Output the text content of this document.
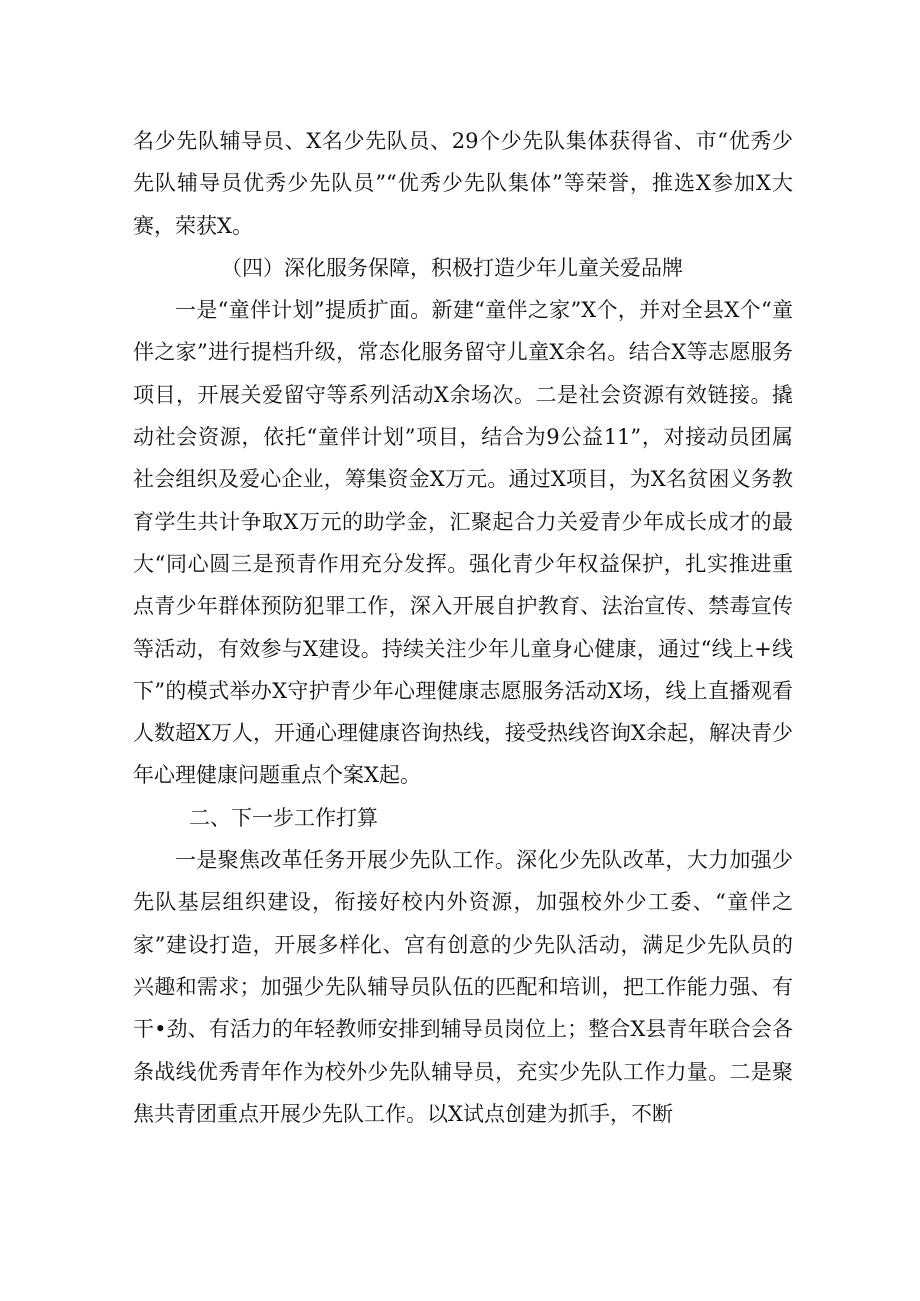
名少先队辅导员、X名少先队员、29个少先队集体获得省、市“优秀少先队辅导员优秀少先队员”“优秀少先队集体”等荣誉，推选X参加X大赛，荣获X。

（四）深化服务保障，积极打造少年儿童关爱品牌

一是“童伴计划”提质扩面。新建“童伴之家”X个，并对全县X个“童伴之家”进行提档升级，常态化服务留守儿童X余名。结合X等志愿服务项目，开展关爱留守等系列活动X余场次。二是社会资源有效链接。撬动社会资源，依托“童伴计划”项目，结合为9公益11”，对接动员团属社会组织及爱心企业，筹集资金X万元。通过X项目，为X名贫困义务教育学生共计争取X万元的助学金，汇聚起合力关爱青少年成长成才的最大“同心圆三是预青作用充分发挥。强化青少年权益保护，扎实推进重点青少年群体预防犯罪工作，深入开展自护教育、法治宣传、禁毒宣传等活动，有效参与X建设。持续关注少年儿童身心健康，通过“线上+线下”的模式举办X守护青少年心理健康志愿服务活动X场，线上直播观看人数超X万人，开通心理健康咨询热线，接受热线咨询X余起，解决青少年心理健康问题重点个案X起。

二、下一步工作打算

一是聚焦改革任务开展少先队工作。深化少先队改革，大力加强少先队基层组织建设，衔接好校内外资源，加强校外少工委、“童伴之家”建设打造，开展多样化、宫有创意的少先队活动，满足少先队员的兴趣和需求；加强少先队辅导员队伍的匹配和培训，把工作能力强、有干•劲、有活力的年轻教师安排到辅导员岗位上；整合X县青年联合会各条战线优秀青年作为校外少先队辅导员，充实少先队工作力量。二是聚焦共青团重点开展少先队工作。以X试点创建为抓手，不断
